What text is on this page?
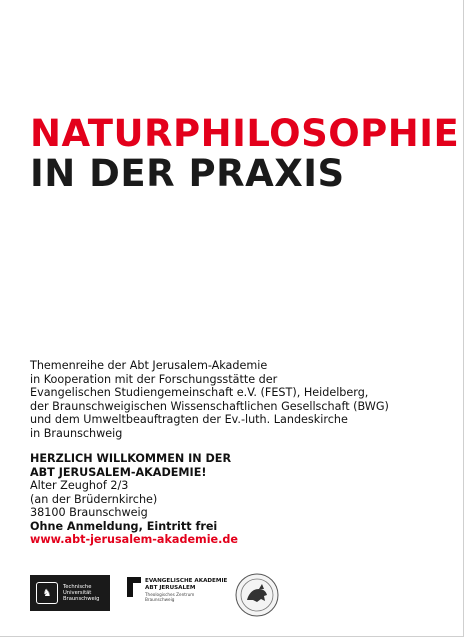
NATURPHILOSOPHIE
IN DER PRAXIS
Themenreihe der Abt Jerusalem-Akademie
in Kooperation mit der Forschungsstätte der
Evangelischen Studiengemeinschaft e.V. (FEST), Heidelberg,
der Braunschweigischen Wissenschaftlichen Gesellschaft (BWG)
und dem Umweltbeauftragten der Ev.-luth. Landeskirche
in Braunschweig
HERZLICH WILLKOMMEN IN DER
ABT JERUSALEM-AKADEMIE!
Alter Zeughof 2/3
(an der Brüdernkirche)
38100 Braunschweig
Ohne Anmeldung, Eintritt frei
www.abt-jerusalem-akademie.de
♞
Technische
Universität
Braunschweig
EVANGELISCHE AKADEMIE
ABT JERUSALEM
Theologisches Zentrum
Braunschweig
